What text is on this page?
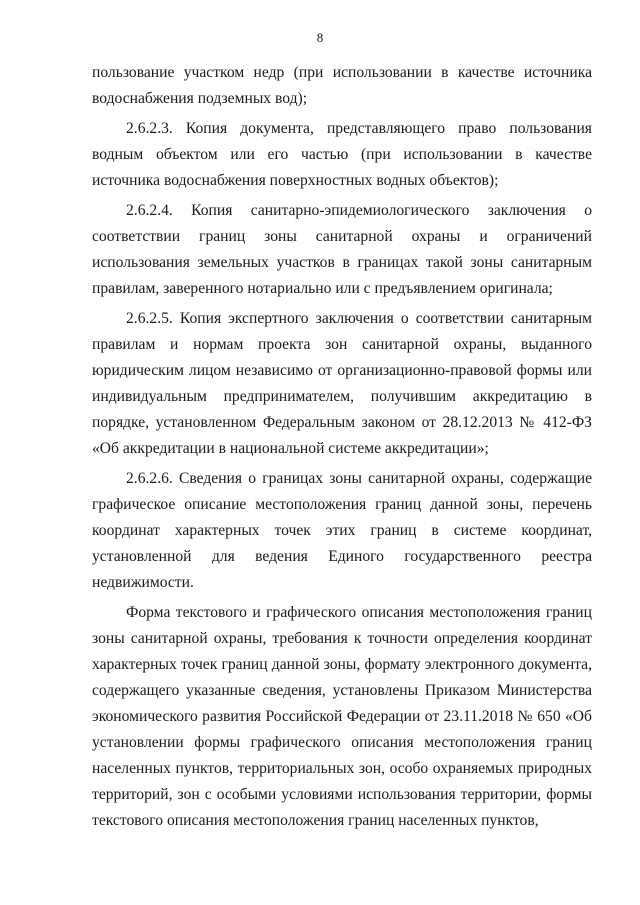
8

пользование участком недр (при использовании в качестве источника водоснабжения подземных вод);

2.6.2.3. Копия документа, представляющего право пользования водным объектом или его частью (при использовании в качестве источника водоснабжения поверхностных водных объектов);

2.6.2.4. Копия санитарно-эпидемиологического заключения о соответствии границ зоны санитарной охраны и ограничений использования земельных участков в границах такой зоны санитарным правилам, заверенного нотариально или с предъявлением оригинала;

2.6.2.5. Копия экспертного заключения о соответствии санитарным правилам и нормам проекта зон санитарной охраны, выданного юридическим лицом независимо от организационно-правовой формы или индивидуальным предпринимателем, получившим аккредитацию в порядке, установленном Федеральным законом от 28.12.2013 № 412-ФЗ «Об аккредитации в национальной системе аккредитации»;

2.6.2.6. Сведения о границах зоны санитарной охраны, содержащие графическое описание местоположения границ данной зоны, перечень координат характерных точек этих границ в системе координат, установленной для ведения Единого государственного реестра недвижимости.

Форма текстового и графического описания местоположения границ зоны санитарной охраны, требования к точности определения координат характерных точек границ данной зоны, формату электронного документа, содержащего указанные сведения, установлены Приказом Министерства экономического развития Российской Федерации от 23.11.2018 № 650 «Об установлении формы графического описания местоположения границ населенных пунктов, территориальных зон, особо охраняемых природных территорий, зон с особыми условиями использования территории, формы текстового описания местоположения границ населенных пунктов,
